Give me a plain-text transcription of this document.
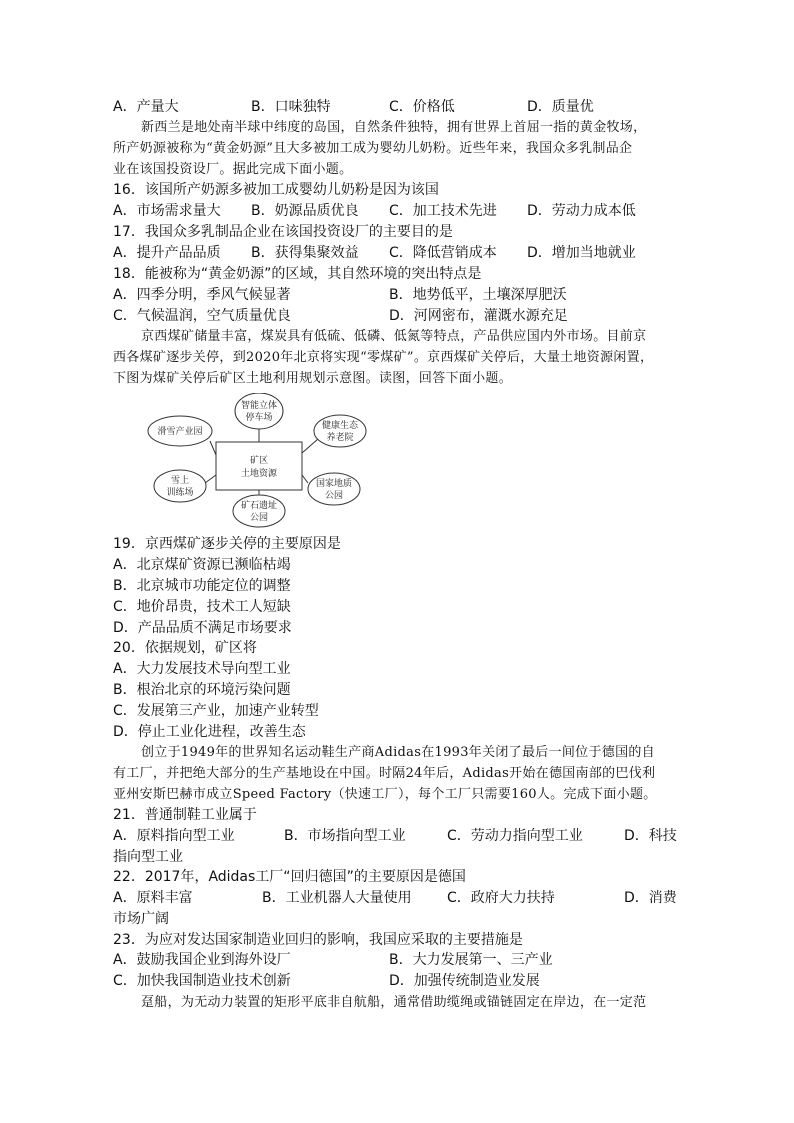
A．产量大	B．口味独特	C．价格低	D．质量优
新西兰是地处南半球中纬度的岛国，自然条件独特，拥有世界上首屈一指的黄金牧场，
所产奶源被称为“黄金奶源”且大多被加工成为婴幼儿奶粉。近些年来，我国众多乳制品企
业在该国投资设厂。据此完成下面小题。
16．该国所产奶源多被加工成婴幼儿奶粉是因为该国
A．市场需求量大 B．奶源品质优良 C．加工技术先进 D．劳动力成本低
17．我国众多乳制品企业在该国投资设厂的主要目的是
A．提升产品品质 B．获得集聚效益 C．降低营销成本 D．增加当地就业
18．能被称为“黄金奶源”的区域，其自然环境的突出特点是
A．四季分明，季风气候显著	B．地势低平，土壤深厚肥沃
C．气候温润，空气质量优良	D．河网密布，灌溉水源充足
京西煤矿储量丰富，煤炭具有低硫、低磷、低氮等特点，产品供应国内外市场。目前京
西各煤矿逐步关停，到2020年北京将实现“零煤矿”。京西煤矿关停后，大量土地资源闲置，
下图为煤矿关停后矿区土地利用规划示意图。读图，回答下面小题。
矿区
土地资源
智能立体
停车场
健康生态
养老院
国家地质
公园
矿石遗址
公园
雪上
训练场
滑雪产业园
19．京西煤矿逐步关停的主要原因是
A．北京煤矿资源已濒临枯竭
B．北京城市功能定位的调整
C．地价昂贵，技术工人短缺
D．产品品质不满足市场要求
20．依据规划，矿区将
A．大力发展技术导向型工业
B．根治北京的环境污染问题
C．发展第三产业，加速产业转型
D．停止工业化进程，改善生态
创立于1949年的世界知名运动鞋生产商Adidas在1993年关闭了最后一间位于德国的自
有工厂，并把绝大部分的生产基地设在中国。时隔24年后，Adidas开始在德国南部的巴伐利
亚州安斯巴赫市成立Speed Factory（快速工厂），每个工厂只需要160人。完成下面小题。
21．普通制鞋工业属于
A．原料指向型工业	B．市场指向型工业	C．劳动力指向型工业	D．科技
指向型工业
22．2017年，Adidas工厂“回归德国”的主要原因是德国
A．原料丰富	B．工业机器人大量使用	C．政府大力扶持	D．消费
市场广阔
23．为应对发达国家制造业回归的影响，我国应采取的主要措施是
A．鼓励我国企业到海外设厂	B．大力发展第一、三产业
C．加快我国制造业技术创新	D．加强传统制造业发展
趸船，为无动力装置的矩形平底非自航船，通常借助缆绳或锚链固定在岸边，在一定范
